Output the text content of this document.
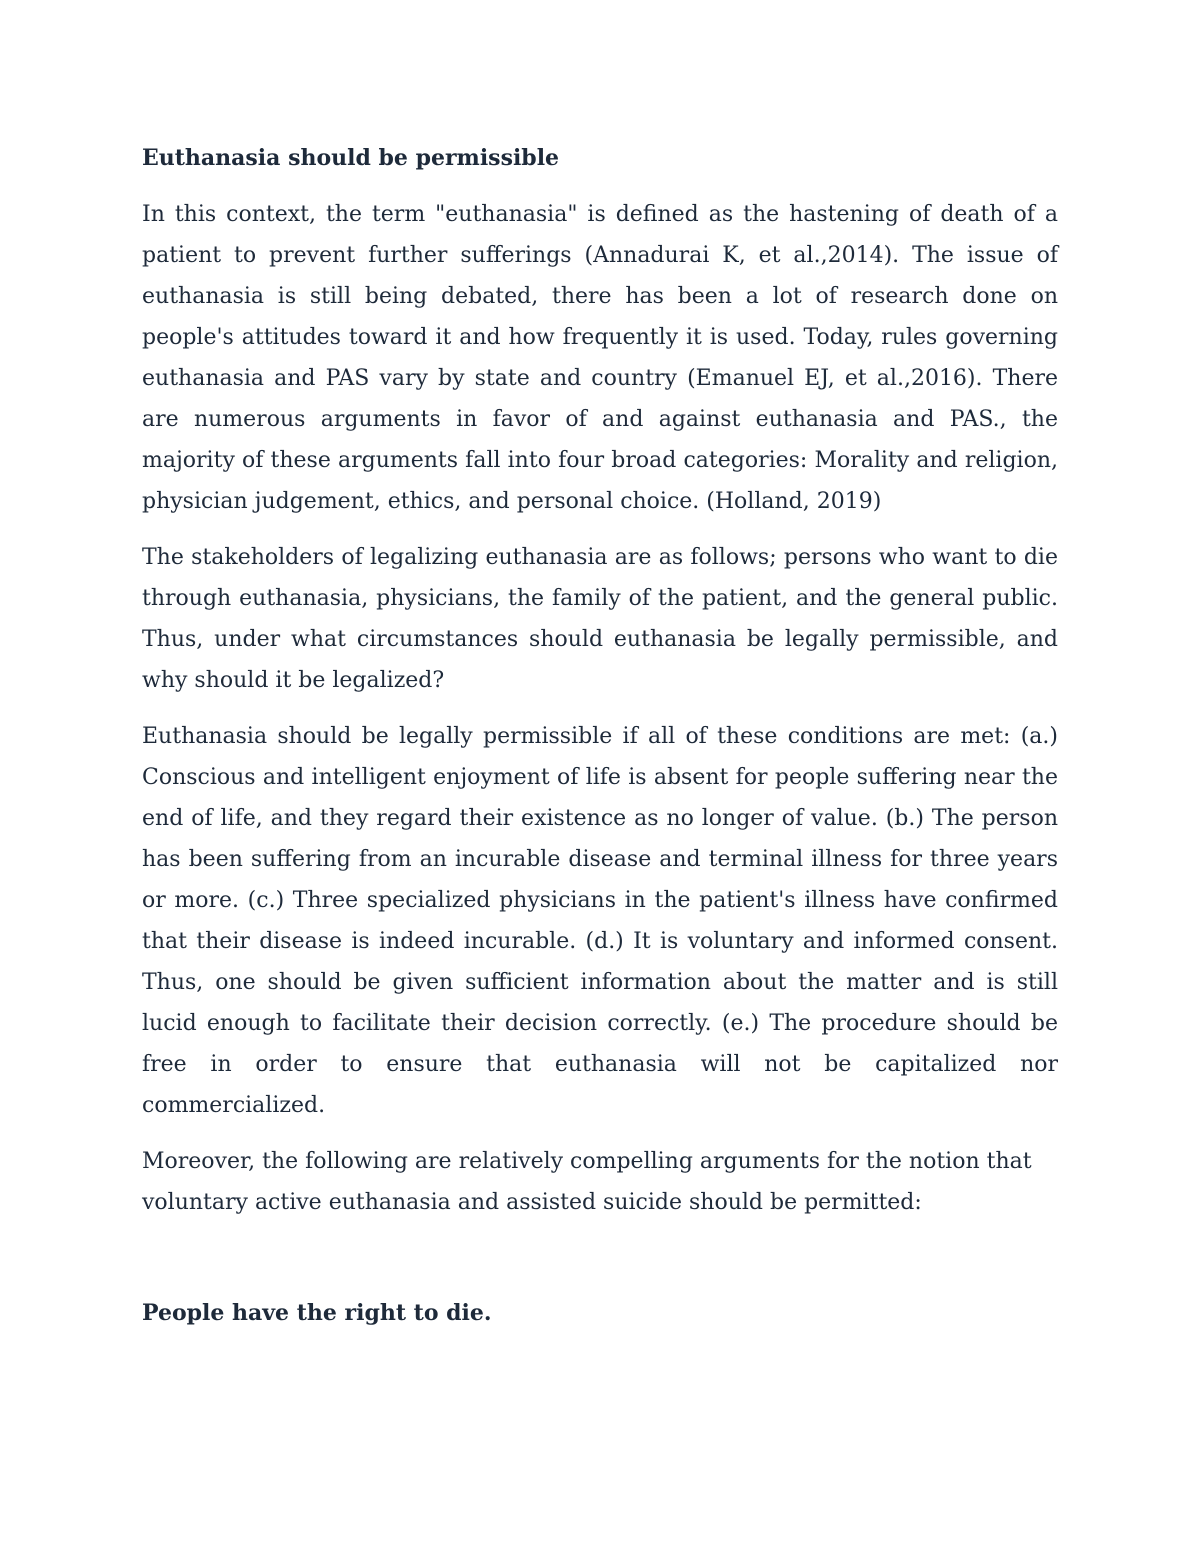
Euthanasia should be permissible

In this context, the term "euthanasia" is defined as the hastening of death of a patient to prevent further sufferings (Annadurai K, et al.,2014). The issue of euthanasia is still being debated, there has been a lot of research done on people's attitudes toward it and how frequently it is used. Today, rules governing euthanasia and PAS vary by state and country (Emanuel EJ, et al.,2016). There are numerous arguments in favor of and against euthanasia and PAS., the majority of these arguments fall into four broad categories: Morality and religion, physician judgement, ethics, and personal choice. (Holland, 2019)

The stakeholders of legalizing euthanasia are as follows; persons who want to die through euthanasia, physicians, the family of the patient, and the general public. Thus, under what circumstances should euthanasia be legally permissible, and why should it be legalized?

Euthanasia should be legally permissible if all of these conditions are met: (a.) Conscious and intelligent enjoyment of life is absent for people suffering near the end of life, and they regard their existence as no longer of value. (b.) The person has been suffering from an incurable disease and terminal illness for three years or more. (c.) Three specialized physicians in the patient's illness have confirmed that their disease is indeed incurable. (d.) It is voluntary and informed consent. Thus, one should be given sufficient information about the matter and is still lucid enough to facilitate their decision correctly. (e.) The procedure should be free in order to ensure that euthanasia will not be capitalized nor commercialized.

Moreover, the following are relatively compelling arguments for the notion that voluntary active euthanasia and assisted suicide should be permitted:

People have the right to die.
